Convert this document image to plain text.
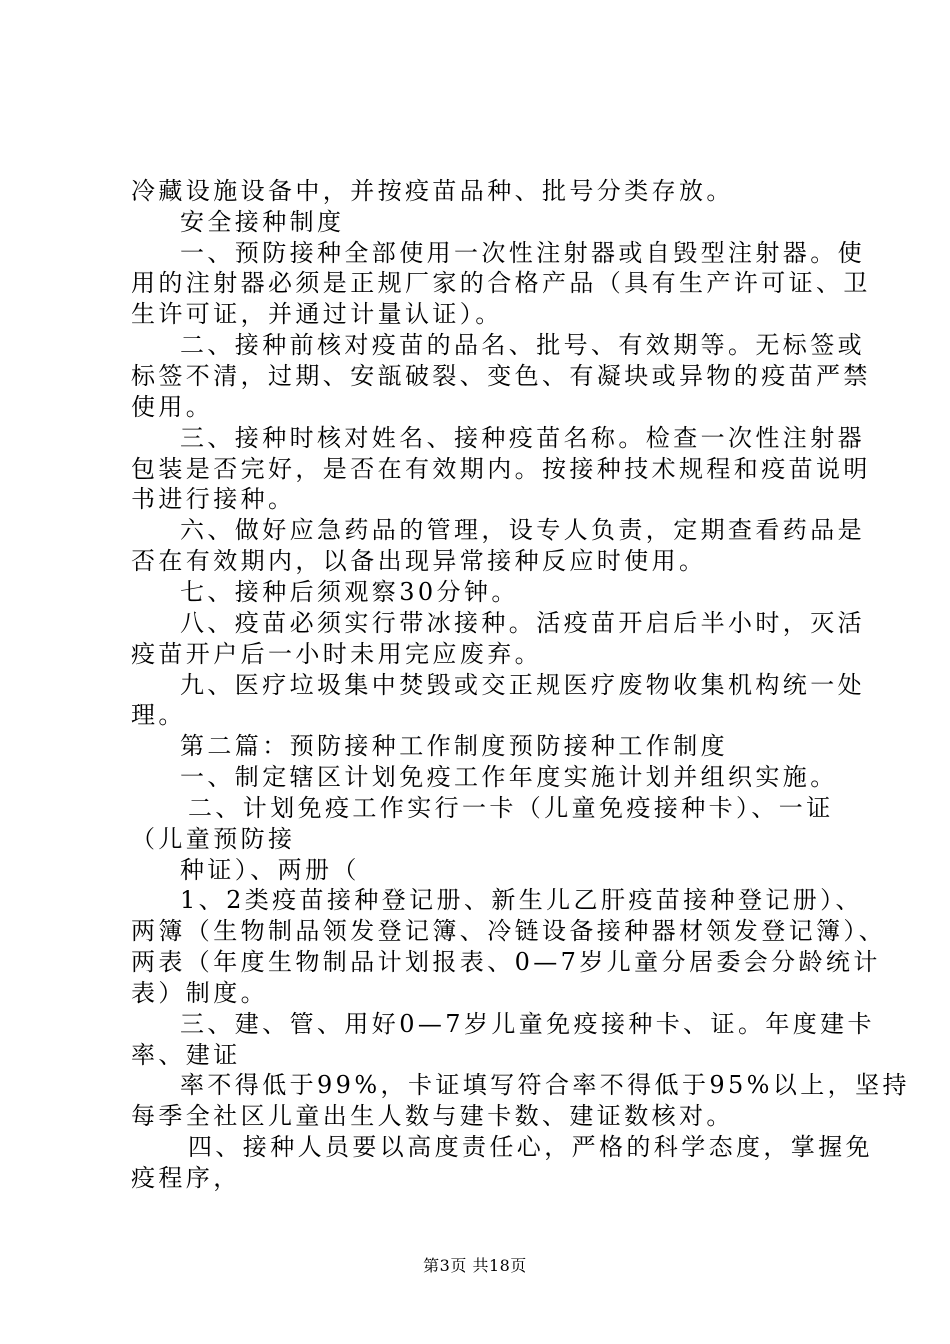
冷藏设施设备中，并按疫苗品种、批号分类存放。
安全接种制度
一、预防接种全部使用一次性注射器或自毁型注射器。使
用的注射器必须是正规厂家的合格产品（具有生产许可证、卫
生许可证，并通过计量认证）。
二、接种前核对疫苗的品名、批号、有效期等。无标签或
标签不清，过期、安瓿破裂、变色、有凝块或异物的疫苗严禁
使用。
三、接种时核对姓名、接种疫苗名称。检查一次性注射器
包装是否完好，是否在有效期内。按接种技术规程和疫苗说明
书进行接种。
六、做好应急药品的管理，设专人负责，定期查看药品是
否在有效期内，以备出现异常接种反应时使用。
七、接种后须观察30分钟。
八、疫苗必须实行带冰接种。活疫苗开启后半小时，灭活
疫苗开户后一小时未用完应废弃。
九、医疗垃圾集中焚毁或交正规医疗废物收集机构统一处
理。
第二篇：预防接种工作制度预防接种工作制度
一、制定辖区计划免疫工作年度实施计划并组织实施。
二、计划免疫工作实行一卡（儿童免疫接种卡）、一证
（儿童预防接
种证）、两册（
1、2类疫苗接种登记册、新生儿乙肝疫苗接种登记册）、
两簿（生物制品领发登记簿、冷链设备接种器材领发登记簿）、
两表（年度生物制品计划报表、0—7岁儿童分居委会分龄统计
表）制度。
三、建、管、用好0—7岁儿童免疫接种卡、证。年度建卡
率、建证
率不得低于99%，卡证填写符合率不得低于95%以上，坚持
每季全社区儿童出生人数与建卡数、建证数核对。
四、接种人员要以高度责任心，严格的科学态度，掌握免
疫程序，
第3页 共18页
